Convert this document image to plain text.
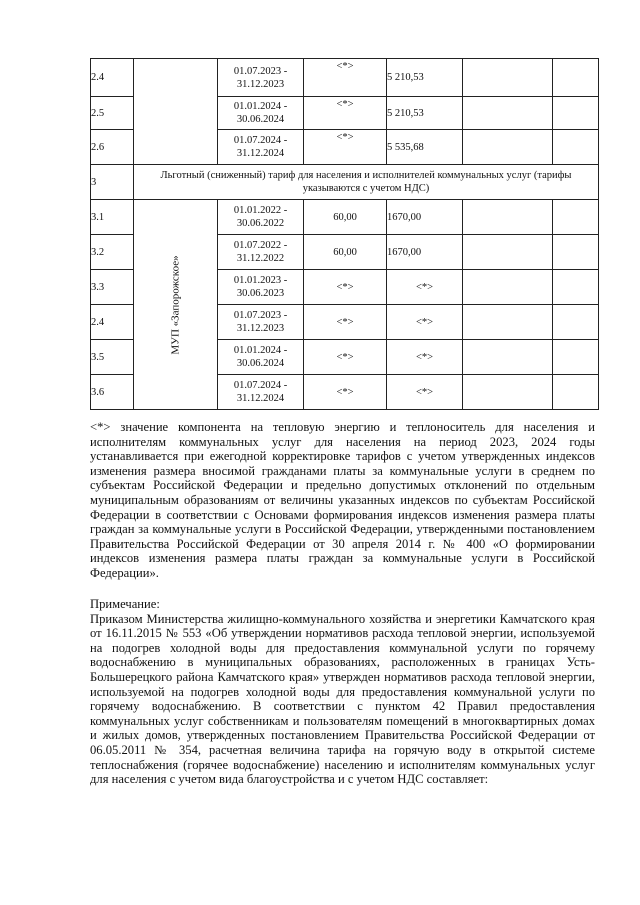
2.4		01.07.2023 -
31.12.2023	<*>	5 210,53		
2.5		01.01.2024 -
30.06.2024	<*>	5 210,53		
2.6		01.07.2024 -
31.12.2024	<*>	5 535,68		
3	Льготный (сниженный) тариф для населения и исполнителей коммунальных услуг (тарифы указываются с учетом НДС)					
3.1	МУП «Запорожское»	01.01.2022 -
30.06.2022	60,00	1670,00		
3.2		01.07.2022 -
31.12.2022	60,00	1670,00		
3.3		01.01.2023 -
30.06.2023	<*>	<*>		
2.4		01.07.2023 -
31.12.2023	<*>	<*>		
3.5		01.01.2024 -
30.06.2024	<*>	<*>		
3.6		01.07.2024 -
31.12.2024	<*>	<*>		

<*> значение компонента на тепловую энергию и теплоноситель для населения и исполнителям коммунальных услуг для населения на период 2023, 2024 годы устанавливается при ежегодной корректировке тарифов с учетом утвержденных индексов изменения размера вносимой гражданами платы за коммунальные услуги в среднем по субъектам Российской Федерации и предельно допустимых отклонений по отдельным муниципальным образованиям от величины указанных индексов по субъектам Российской Федерации в соответствии с Основами формирования индексов изменения размера платы граждан за коммунальные услуги в Российской Федерации, утвержденными постановлением Правительства Российской Федерации от 30 апреля 2014 г. № 400 «О формировании индексов изменения размера платы граждан за коммунальные услуги в Российской Федерации».

Примечание:

Приказом Министерства жилищно-коммунального хозяйства и энергетики Камчатского края от 16.11.2015 № 553 «Об утверждении нормативов расхода тепловой энергии, используемой на подогрев холодной воды для предоставления коммунальной услуги по горячему водоснабжению в муниципальных образованиях, расположенных в границах Усть-Большерецкого района Камчатского края» утвержден нормативов расхода тепловой энергии, используемой на подогрев холодной воды для предоставления коммунальной услуги по горячему водоснабжению. В соответствии с пунктом 42 Правил предоставления коммунальных услуг собственникам и пользователям помещений в многоквартирных домах и жилых домов, утвержденных постановлением Правительства Российской Федерации от 06.05.2011 № 354, расчетная величина тарифа на горячую воду в открытой системе теплоснабжения (горячее водоснабжение) населению и исполнителям коммунальных услуг для населения с учетом вида благоустройства и с учетом НДС составляет:
